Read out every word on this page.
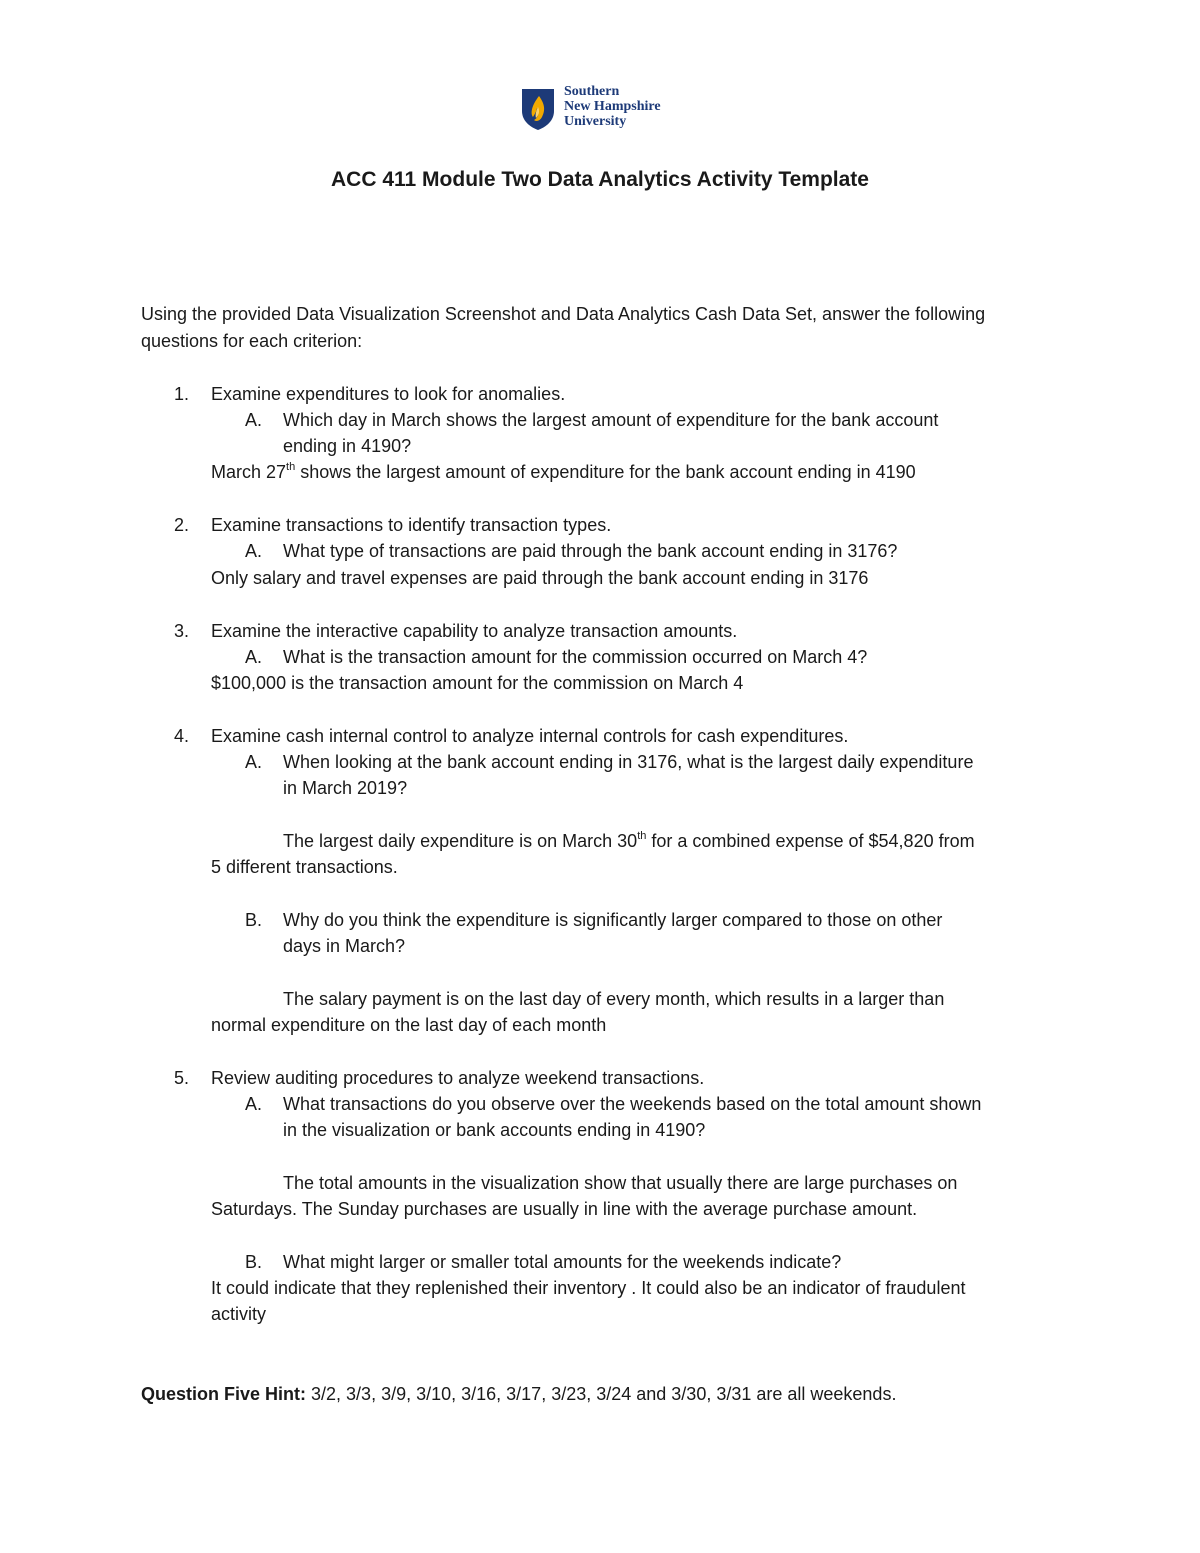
Southern
New Hampshire
University
ACC 411 Module Two Data Analytics Activity Template
Using the provided Data Visualization Screenshot and Data Analytics Cash Data Set, answer the following
questions for each criterion:
1. Examine expenditures to look for anomalies.
A. Which day in March shows the largest amount of expenditure for the bank account
ending in 4190?
March 27th shows the largest amount of expenditure for the bank account ending in 4190
2. Examine transactions to identify transaction types.
A. What type of transactions are paid through the bank account ending in 3176?
Only salary and travel expenses are paid through the bank account ending in 3176
3. Examine the interactive capability to analyze transaction amounts.
A. What is the transaction amount for the commission occurred on March 4?
$100,000 is the transaction amount for the commission on March 4
4. Examine cash internal control to analyze internal controls for cash expenditures.
A. When looking at the bank account ending in 3176, what is the largest daily expenditure
in March 2019?
The largest daily expenditure is on March 30th for a combined expense of $54,820 from
5 different transactions.
B. Why do you think the expenditure is significantly larger compared to those on other
days in March?
The salary payment is on the last day of every month, which results in a larger than
normal expenditure on the last day of each month
5. Review auditing procedures to analyze weekend transactions.
A. What transactions do you observe over the weekends based on the total amount shown
in the visualization or bank accounts ending in 4190?
The total amounts in the visualization show that usually there are large purchases on
Saturdays. The Sunday purchases are usually in line with the average purchase amount.
B. What might larger or smaller total amounts for the weekends indicate?
It could indicate that they replenished their inventory . It could also be an indicator of fraudulent
activity
Question Five Hint: 3/2, 3/3, 3/9, 3/10, 3/16, 3/17, 3/23, 3/24 and 3/30, 3/31 are all weekends.
